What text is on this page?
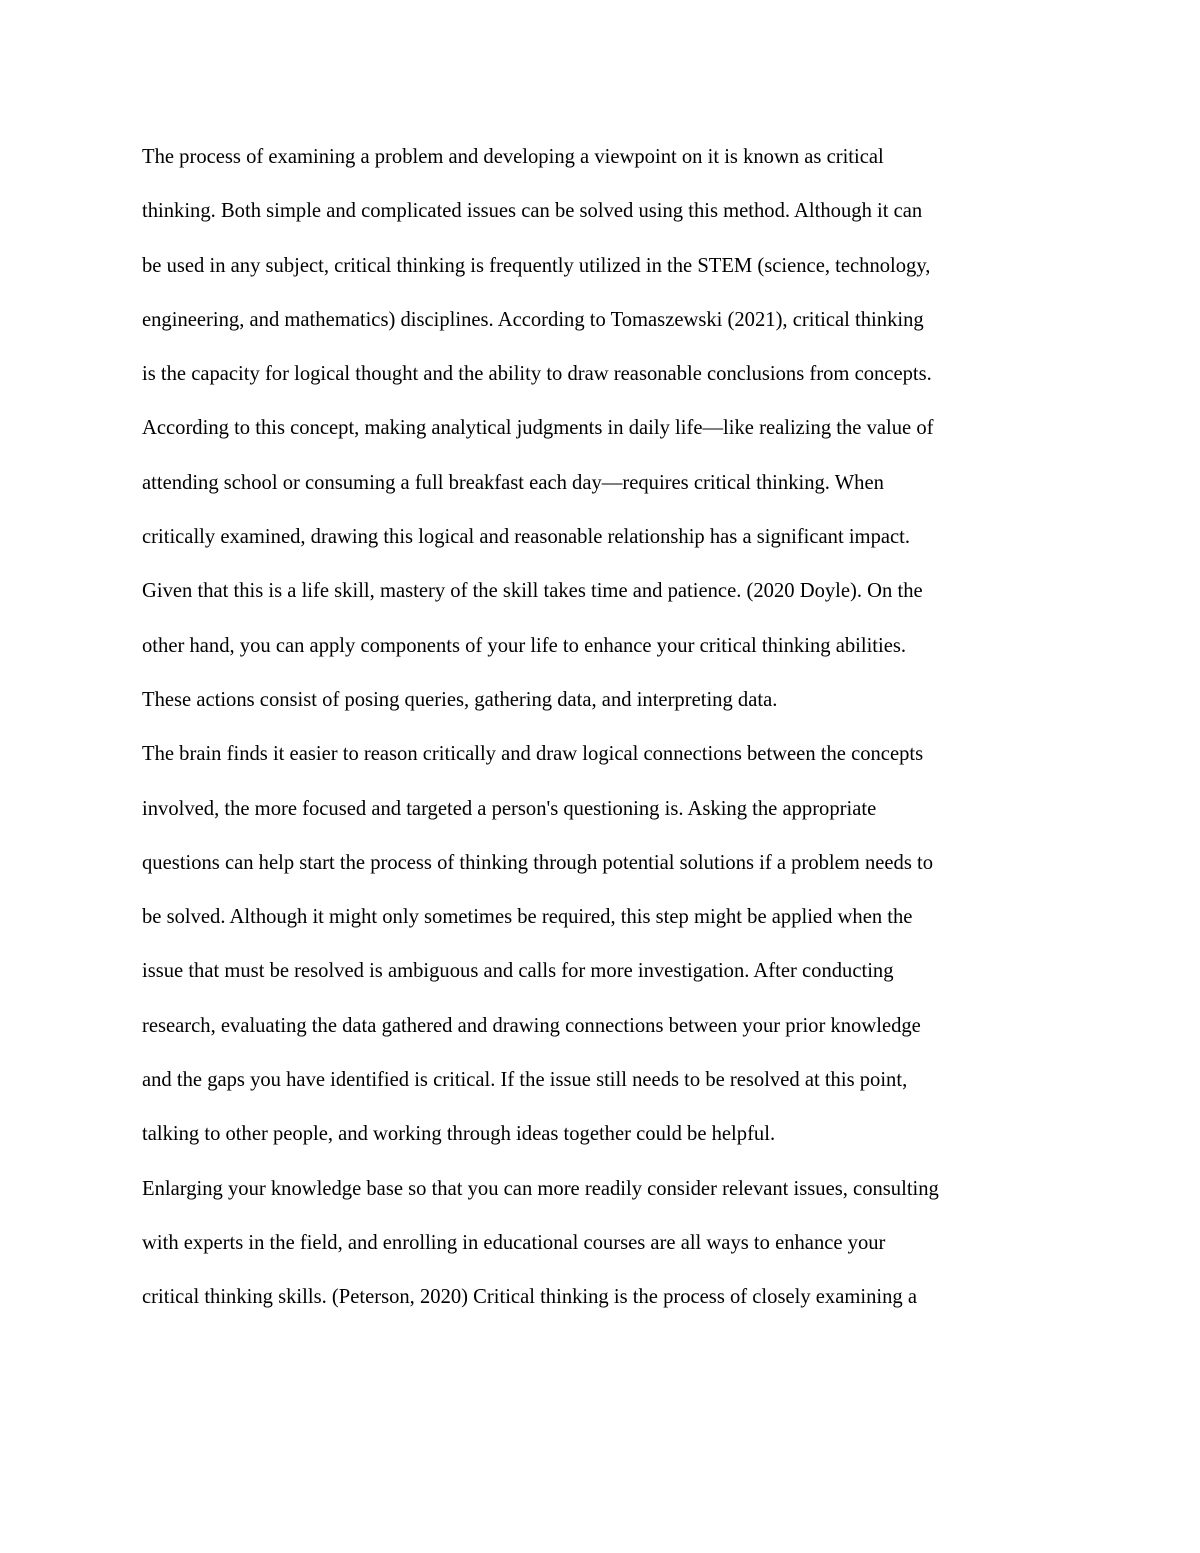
The process of examining a problem and developing a viewpoint on it is known as critical
thinking. Both simple and complicated issues can be solved using this method. Although it can
be used in any subject, critical thinking is frequently utilized in the STEM (science, technology,
engineering, and mathematics) disciplines. According to Tomaszewski (2021), critical thinking
is the capacity for logical thought and the ability to draw reasonable conclusions from concepts.
According to this concept, making analytical judgments in daily life—like realizing the value of
attending school or consuming a full breakfast each day—requires critical thinking. When
critically examined, drawing this logical and reasonable relationship has a significant impact.
Given that this is a life skill, mastery of the skill takes time and patience. (2020 Doyle). On the
other hand, you can apply components of your life to enhance your critical thinking abilities.
These actions consist of posing queries, gathering data, and interpreting data.
The brain finds it easier to reason critically and draw logical connections between the concepts
involved, the more focused and targeted a person's questioning is. Asking the appropriate
questions can help start the process of thinking through potential solutions if a problem needs to
be solved. Although it might only sometimes be required, this step might be applied when the
issue that must be resolved is ambiguous and calls for more investigation. After conducting
research, evaluating the data gathered and drawing connections between your prior knowledge
and the gaps you have identified is critical. If the issue still needs to be resolved at this point,
talking to other people, and working through ideas together could be helpful.
Enlarging your knowledge base so that you can more readily consider relevant issues, consulting
with experts in the field, and enrolling in educational courses are all ways to enhance your
critical thinking skills. (Peterson, 2020) Critical thinking is the process of closely examining a
